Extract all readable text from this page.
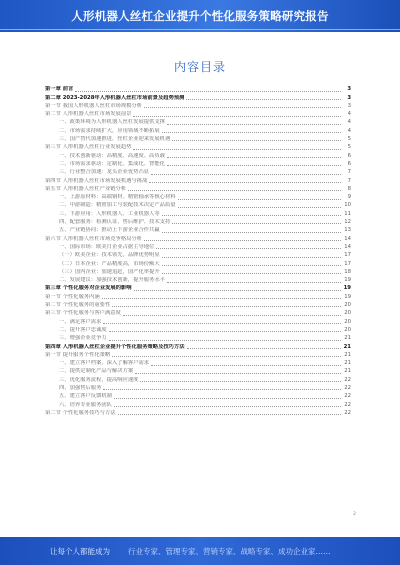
人形机器人丝杠企业提升个性化服务策略研究报告
内容目录
第一章 前言	3
第二章 2023-2028年人形机器人丝杠市场前景及趋势预测	3
第一节 我国人形机器人丝杠市场规模分析	3
第二节 人形机器人丝杠市场发展前景	4
一、政策环境为人形机器人丝杠发展提供支撑	4
二、市场需求持续扩大，应用领域不断拓展	4
三、国产替代加速推进，丝杠企业迎来发展机遇	5
第三节 人形机器人丝杠行业发展趋势	5
一、技术创新驱动：高精度、高速度、高负载	6
二、市场需求驱动：定制化、集成化、智能化	6
三、行业整合加速：龙头企业优势凸显	7
第四节 人形机器人丝杠市场发展机遇与挑战	7
第五节 人形机器人丝杠产业链分析	8
一、上游原材料：高端钢材、精密轴承等核心材料	9
二、中游制造：精密加工与装配技术决定产品质量	10
三、下游应用：人形机器人、工业机器人等	11
四、配套服务：检测认证、售后维护、技术支持	12
五、产业链协同：推动上下游企业合作共赢	13
第六节 人形机器人丝杠市场竞争格局分析	14
一、国际市场：欧美日企业占据主导地位	14
（一）欧美企业：技术领先，品牌优势明显	17
（二）日本企业：产品精度高，市场份额大	17
（三）国内企业：加速追赶，国产化率提升	18
二、发展建议：加强技术创新，提升服务水平	19
第三章 个性化服务对企业发展的影响	19
第一节 个性化服务内涵	19
第二节 个性化服务的重要性	20
第三节 个性化服务与客户满意度	20
一、满足客户需求	20
二、提升客户忠诚度	20
三、增强企业竞争力	21
第四章 人形机器人丝杠企业提升个性化服务策略及技巧方法	21
第一节 提升服务个性化策略	21
一、建立客户档案，深入了解客户需求	21
二、提供定制化产品与解决方案	21
三、优化服务流程，提高响应速度	22
四、加强售后服务	22
五、建立客户反馈机制	22
六、培养专业服务团队	22
第二节 个性化服务技巧与方法	22
2
让每个人都能成为 行业专家、管理专家、营销专家、战略专家、成功企业家……
